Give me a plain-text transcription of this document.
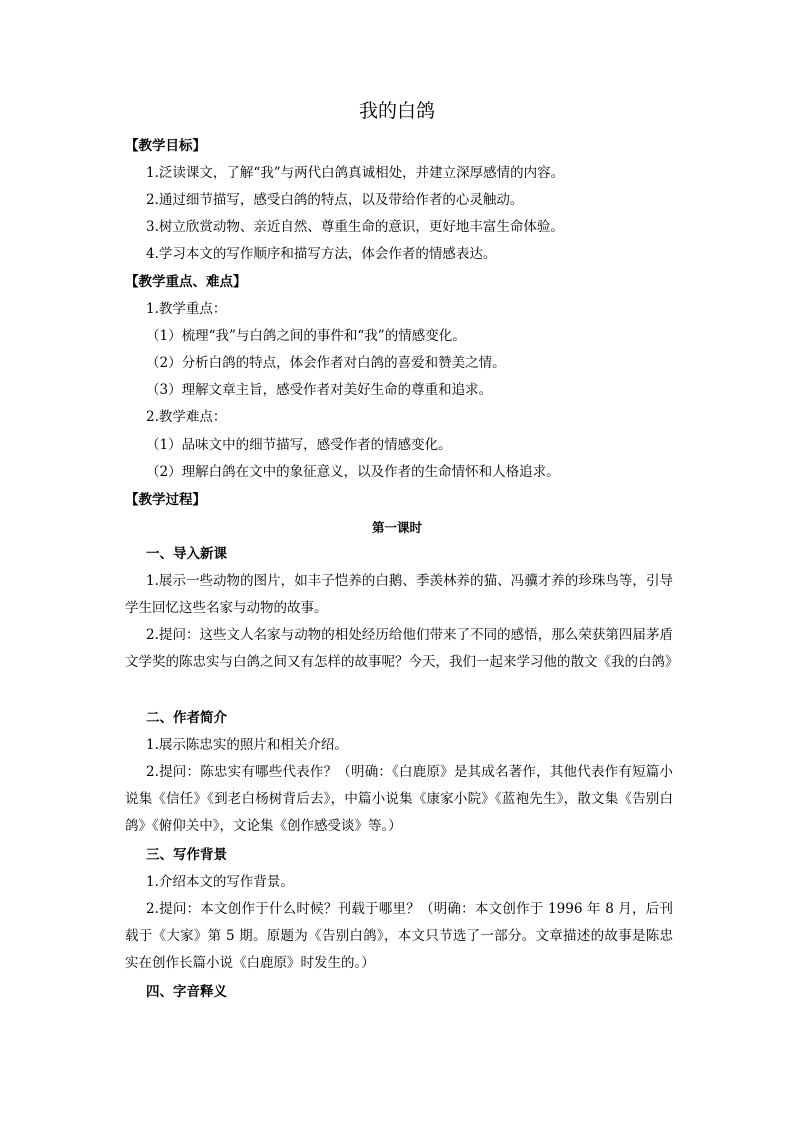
我的白鸽
【教学目标】
1.泛读课文，了解“我”与两代白鸽真诚相处，并建立深厚感情的内容。
2.通过细节描写，感受白鸽的特点，以及带给作者的心灵触动。
3.树立欣赏动物、亲近自然、尊重生命的意识，更好地丰富生命体验。
4.学习本文的写作顺序和描写方法，体会作者的情感表达。
【教学重点、难点】
1.教学重点：
（1）梳理“我”与白鸽之间的事件和“我”的情感变化。
（2）分析白鸽的特点，体会作者对白鸽的喜爱和赞美之情。
（3）理解文章主旨，感受作者对美好生命的尊重和追求。
2.教学难点：
（1）品味文中的细节描写，感受作者的情感变化。
（2）理解白鸽在文中的象征意义，以及作者的生命情怀和人格追求。
【教学过程】
第一课时
一、导入新课
1.展示一些动物的图片，如丰子恺养的白鹅、季羡林养的猫、冯骥才养的珍珠鸟等，引导学生回忆这些名家与动物的故事。
2.提问：这些文人名家与动物的相处经历给他们带来了不同的感悟，那么荣获第四届茅盾文学奖的陈忠实与白鸽之间又有怎样的故事呢？今天，我们一起来学习他的散文《我的白鸽》
二、作者简介
1.展示陈忠实的照片和相关介绍。
2.提问：陈忠实有哪些代表作？（明确：《白鹿原》是其成名著作，其他代表作有短篇小说集《信任》《到老白杨树背后去》，中篇小说集《康家小院》《蓝袍先生》，散文集《告别白鸽》《俯仰关中》，文论集《创作感受谈》等。）
三、写作背景
1.介绍本文的写作背景。
2.提问：本文创作于什么时候？刊载于哪里？（明确：本文创作于 1996 年 8 月，后刊载于《大家》第 5 期。原题为《告别白鸽》，本文只节选了一部分。文章描述的故事是陈忠实在创作长篇小说《白鹿原》时发生的。）
四、字音释义
